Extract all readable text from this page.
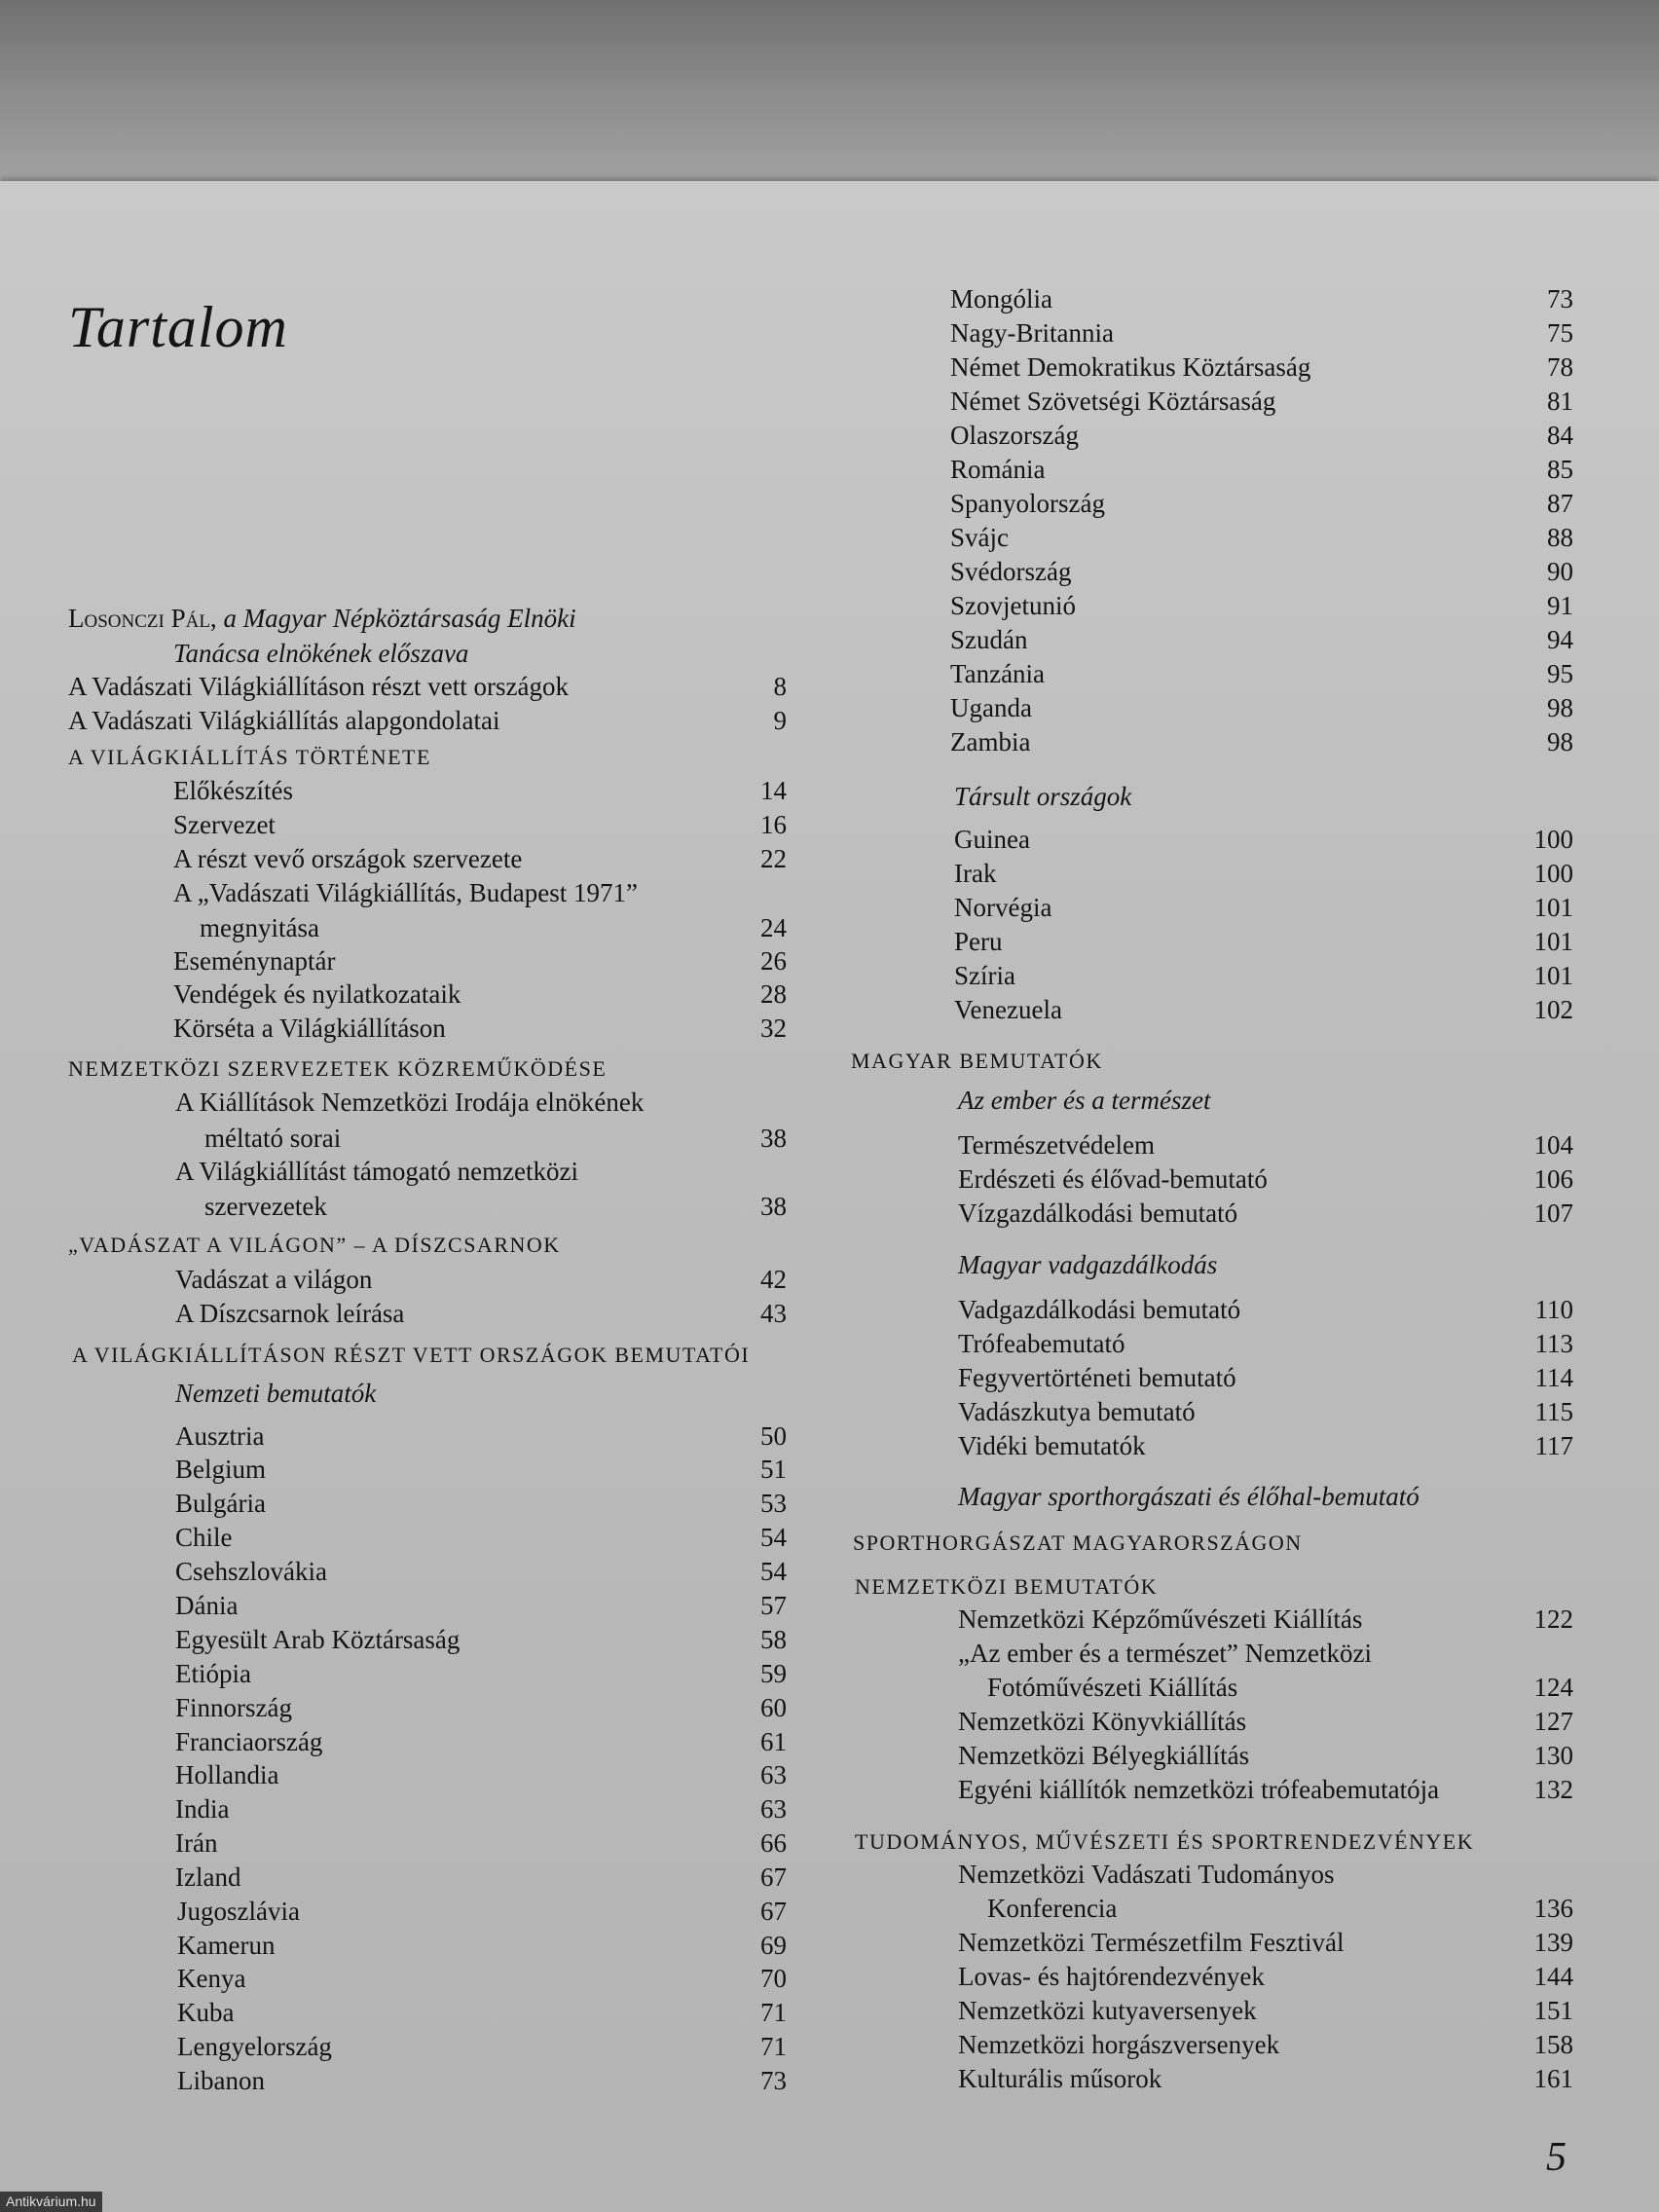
Tartalom
Losonczi Pál, a Magyar Népköztársaság Elnöki
Tanácsa elnökének előszava
A Vadászati Világkiállításon részt vett országok	8
A Vadászati Világkiállítás alapgondolatai	9
A VILÁGKIÁLLÍTÁS TÖRTÉNETE
Előkészítés	14
Szervezet	16
A részt vevő országok szervezete	22
A „Vadászati Világkiállítás, Budapest 1971”
megnyitása	24
Eseménynaptár	26
Vendégek és nyilatkozataik	28
Körséta a Világkiállításon	32
NEMZETKÖZI SZERVEZETEK KÖZREMŰKÖDÉSE
A Kiállítások Nemzetközi Irodája elnökének
méltató sorai	38
A Világkiállítást támogató nemzetközi
szervezetek	38
„VADÁSZAT A VILÁGON” – A DÍSZCSARNOK
Vadászat a világon	42
A Díszcsarnok leírása	43
A VILÁGKIÁLLÍTÁSON RÉSZT VETT ORSZÁGOK BEMUTATÓI
Nemzeti bemutatók
Ausztria	50
Belgium	51
Bulgária	53
Chile	54
Csehszlovákia	54
Dánia	57
Egyesült Arab Köztársaság	58
Etiópia	59
Finnország	60
Franciaország	61
Hollandia	63
India	63
Irán	66
Izland	67
Jugoszlávia	67
Kamerun	69
Kenya	70
Kuba	71
Lengyelország	71
Libanon	73
Mongólia	73
Nagy-Britannia	75
Német Demokratikus Köztársaság	78
Német Szövetségi Köztársaság	81
Olaszország	84
Románia	85
Spanyolország	87
Svájc	88
Svédország	90
Szovjetunió	91
Szudán	94
Tanzánia	95
Uganda	98
Zambia	98
Társult országok
Guinea	100
Irak	100
Norvégia	101
Peru	101
Szíria	101
Venezuela	102
MAGYAR BEMUTATÓK
Az ember és a természet
Természetvédelem	104
Erdészeti és élővad-bemutató	106
Vízgazdálkodási bemutató	107
Magyar vadgazdálkodás
Vadgazdálkodási bemutató	110
Trófeabemutató	113
Fegyvertörténeti bemutató	114
Vadászkutya bemutató	115
Vidéki bemutatók	117
Magyar sporthorgászati és élőhal-bemutató
SPORTHORGÁSZAT MAGYARORSZÁGON
NEMZETKÖZI BEMUTATÓK
Nemzetközi Képzőművészeti Kiállítás	122
„Az ember és a természet” Nemzetközi
Fotóművészeti Kiállítás	124
Nemzetközi Könyvkiállítás	127
Nemzetközi Bélyegkiállítás	130
Egyéni kiállítók nemzetközi trófeabemutatója	132
TUDOMÁNYOS, MŰVÉSZETI ÉS SPORTRENDEZVÉNYEK
Nemzetközi Vadászati Tudományos
Konferencia	136
Nemzetközi Természetfilm Fesztivál	139
Lovas- és hajtórendezvények	144
Nemzetközi kutyaversenyek	151
Nemzetközi horgászversenyek	158
Kulturális műsorok	161
5
Antikvárium.hu
